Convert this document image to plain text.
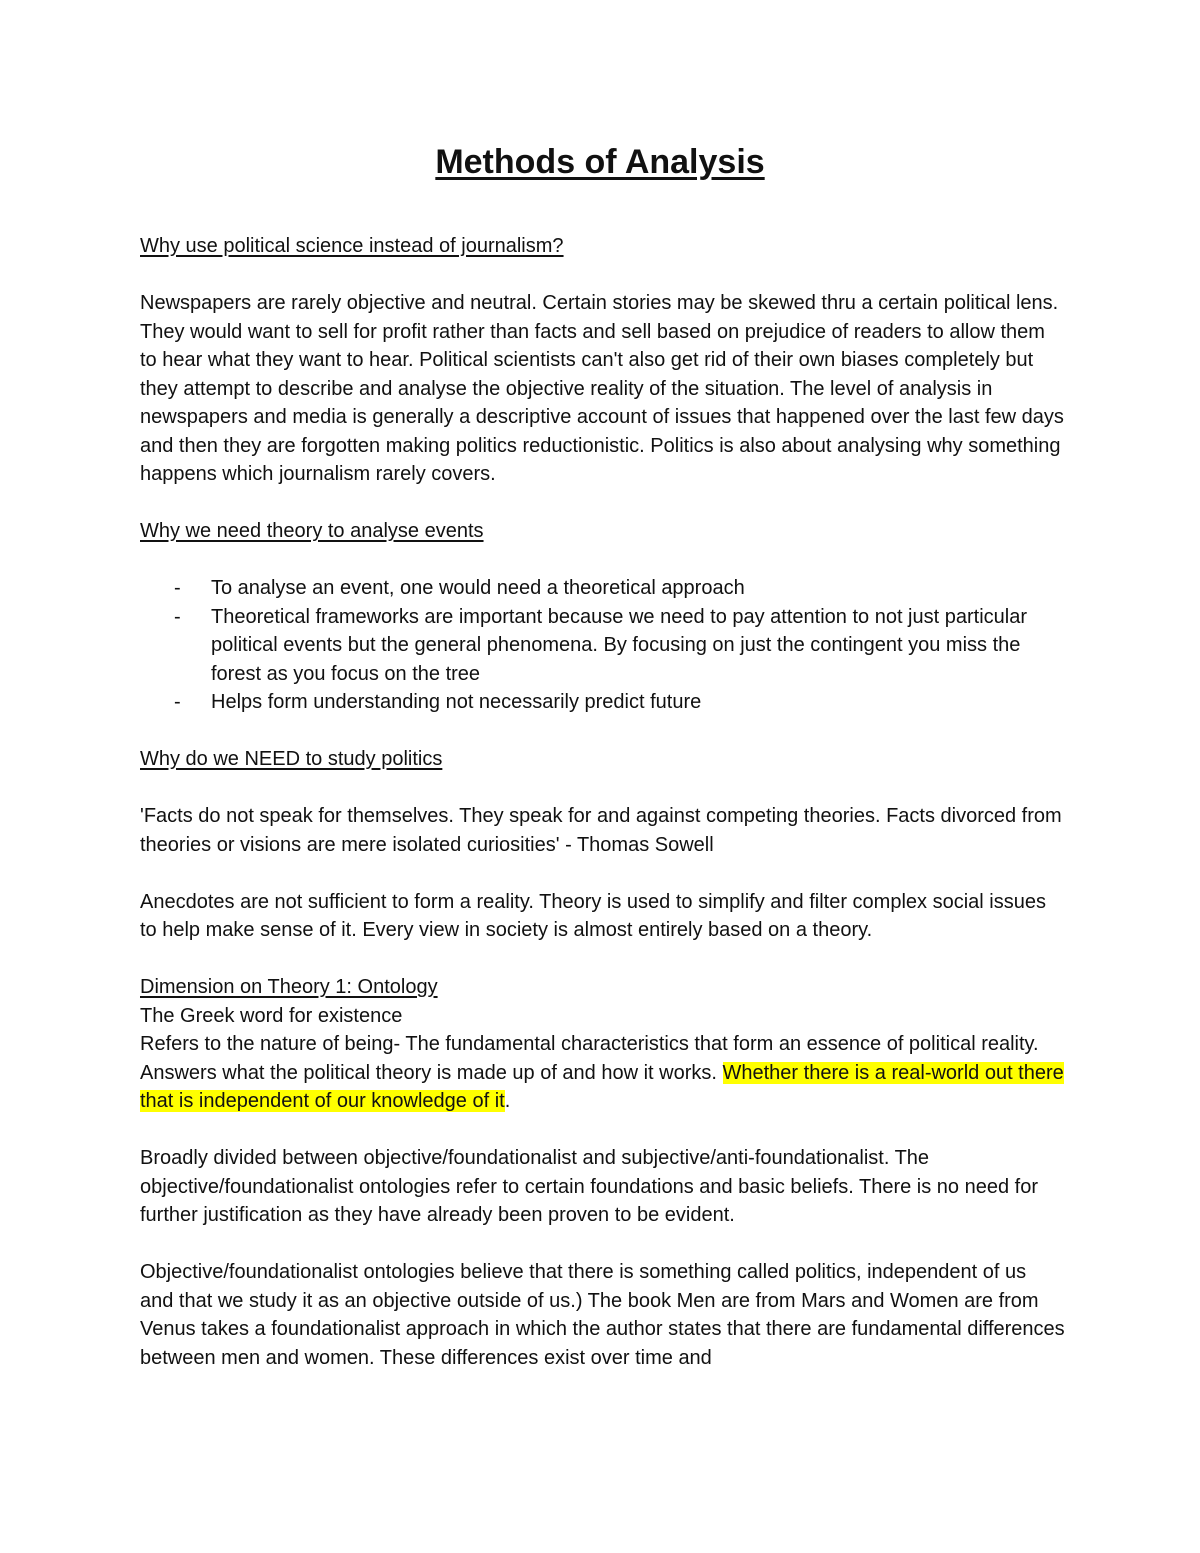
Methods of Analysis

Why use political science instead of journalism?

Newspapers are rarely objective and neutral. Certain stories may be skewed thru a certain political lens. They would want to sell for profit rather than facts and sell based on prejudice of readers to allow them to hear what they want to hear. Political scientists can't also get rid of their own biases completely but they attempt to describe and analyse the objective reality of the situation. The level of analysis in newspapers and media is generally a descriptive account of issues that happened over the last few days and then they are forgotten making politics reductionistic. Politics is also about analysing why something happens which journalism rarely covers.

Why we need theory to analyse events

- To analyse an event, one would need a theoretical approach
- Theoretical frameworks are important because we need to pay attention to not just particular political events but the general phenomena. By focusing on just the contingent you miss the forest as you focus on the tree
- Helps form understanding not necessarily predict future

Why do we NEED to study politics

'Facts do not speak for themselves. They speak for and against competing theories. Facts divorced from theories or visions are mere isolated curiosities' - Thomas Sowell

Anecdotes are not sufficient to form a reality. Theory is used to simplify and filter complex social issues to help make sense of it. Every view in society is almost entirely based on a theory.

Dimension on Theory 1: Ontology

The Greek word for existence

Refers to the nature of being- The fundamental characteristics that form an essence of political reality. Answers what the political theory is made up of and how it works. Whether there is a real-world out there that is independent of our knowledge of it.

Broadly divided between objective/foundationalist and subjective/anti-foundationalist. The objective/foundationalist ontologies refer to certain foundations and basic beliefs. There is no need for further justification as they have already been proven to be evident.

Objective/foundationalist ontologies believe that there is something called politics, independent of us and that we study it as an objective outside of us.) The book Men are from Mars and Women are from Venus takes a foundationalist approach in which the author states that there are fundamental differences between men and women. These differences exist over time and
